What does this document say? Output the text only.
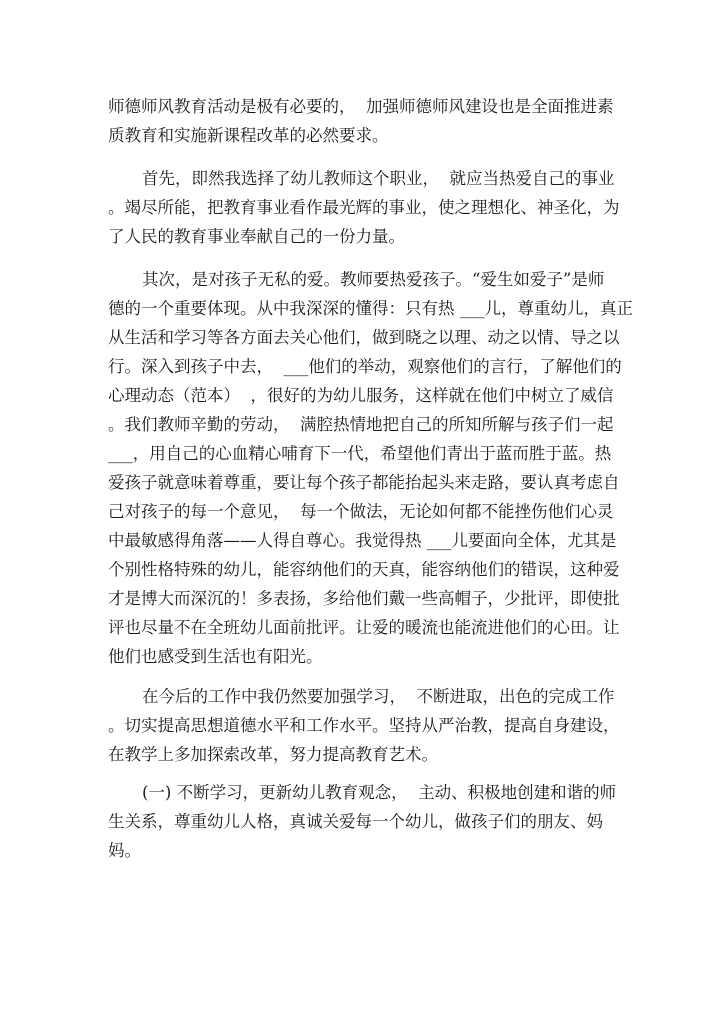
师德师风教育活动是极有必要的，  加强师德师风建设也是全面推进素
质教育和实施新课程改革的必然要求。
首先，即然我选择了幼儿教师这个职业，  就应当热爱自己的事业
。竭尽所能，把教育事业看作最光辉的事业，使之理想化、神圣化，为
了人民的教育事业奉献自己的一份力量。
其次，是对孩子无私的爱。教师要热爱孩子。“爱生如爱子”是师
德的一个重要体现。从中我深深的懂得：只有热 ___儿，尊重幼儿，真正
从生活和学习等各方面去关心他们，做到晓之以理、动之以情、导之以
行。深入到孩子中去，  ___他们的举动，观察他们的言行，了解他们的
心理动态（范本）  ，很好的为幼儿服务，这样就在他们中树立了威信
。我们教师辛勤的劳动，  满腔热情地把自己的所知所解与孩子们一起
___，用自己的心血精心哺育下一代，希望他们青出于蓝而胜于蓝。热
爱孩子就意味着尊重，要让每个孩子都能抬起头来走路，要认真考虑自
己对孩子的每一个意见，  每一个做法，无论如何都不能挫伤他们心灵
中最敏感得角落——人得自尊心。我觉得热 ___儿要面向全体，尤其是
个别性格特殊的幼儿，能容纳他们的天真，能容纳他们的错误，这种爱
才是博大而深沉的！多表扬，多给他们戴一些高帽子，少批评，即使批
评也尽量不在全班幼儿面前批评。让爱的暖流也能流进他们的心田。让
他们也感受到生活也有阳光。
在今后的工作中我仍然要加强学习，  不断进取，出色的完成工作
。切实提高思想道德水平和工作水平。坚持从严治教，提高自身建设，
在教学上多加探索改革，努力提高教育艺术。
(一) 不断学习，更新幼儿教育观念，  主动、积极地创建和谐的师
生关系，尊重幼儿人格，真诚关爱每一个幼儿，做孩子们的朋友、妈
妈。
